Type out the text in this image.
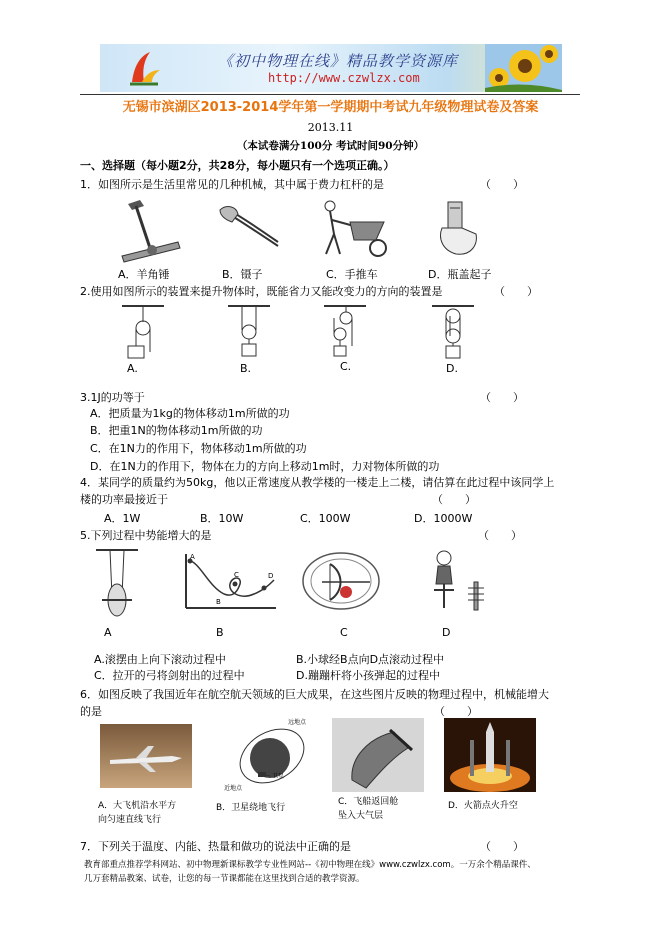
《初中物理在线》精品教学资源库
http://www.czwlzx.com
无锡市滨湖区2013-2014学年第一学期期中考试九年级物理试卷及答案
2013.11
（本试卷满分100分 考试时间90分钟）
一、选择题（每小题2分，共28分，每小题只有一个选项正确。）
1．如图所示是生活里常见的几种机械，其中属于费力杠杆的是	（　　）
A．羊角锤	B．镊子	C．手推车	D．瓶盖起子
2.使用如图所示的装置来提升物体时，既能省力又能改变力的方向的装置是	（　　）
A.	B.	C.	D.
3.1J的功等于	（　　）
A．把质量为1kg的物体移动1m所做的功
B．把重1N的物体移动1m所做的功
C．在1N力的作用下，物体移动1m所做的功
D．在1N力的作用下，物体在力的方向上移动1m时，力对物体所做的功
4．某同学的质量约为50kg，他以正常速度从教学楼的一楼走上二楼，请估算在此过程中该同学上
楼的功率最接近于	（　　）
A．1W	B．10W	C．100W	D．1000W
5.下列过程中势能增大的是	（　　）
A
B
C	D
A	B	C	D
A.滚摆由上向下滚动过程中	B.小球经B点向D点滚动过程中
C．拉开的弓将剑射出的过程中	D.蹦蹦杆将小孩弹起的过程中
6．如图反映了我国近年在航空航天领域的巨大成果，在这些图片反映的物理过程中，机械能增大
的是	（　　）
远地点
卫星
近地点
A．大飞机沿水平方
向匀速直线飞行
B．卫星绕地飞行
C．飞船返回舱
坠入大气层
D．火箭点火升空
7．下列关于温度、内能、热量和做功的说法中正确的是	（　　）
教育部重点推荐学科网站、初中物理新课标教学专业性网站--《初中物理在线》www.czwlzx.com。一万余个精品课件、
几万套精品教案、试卷，让您的每一节课都能在这里找到合适的教学资源。
